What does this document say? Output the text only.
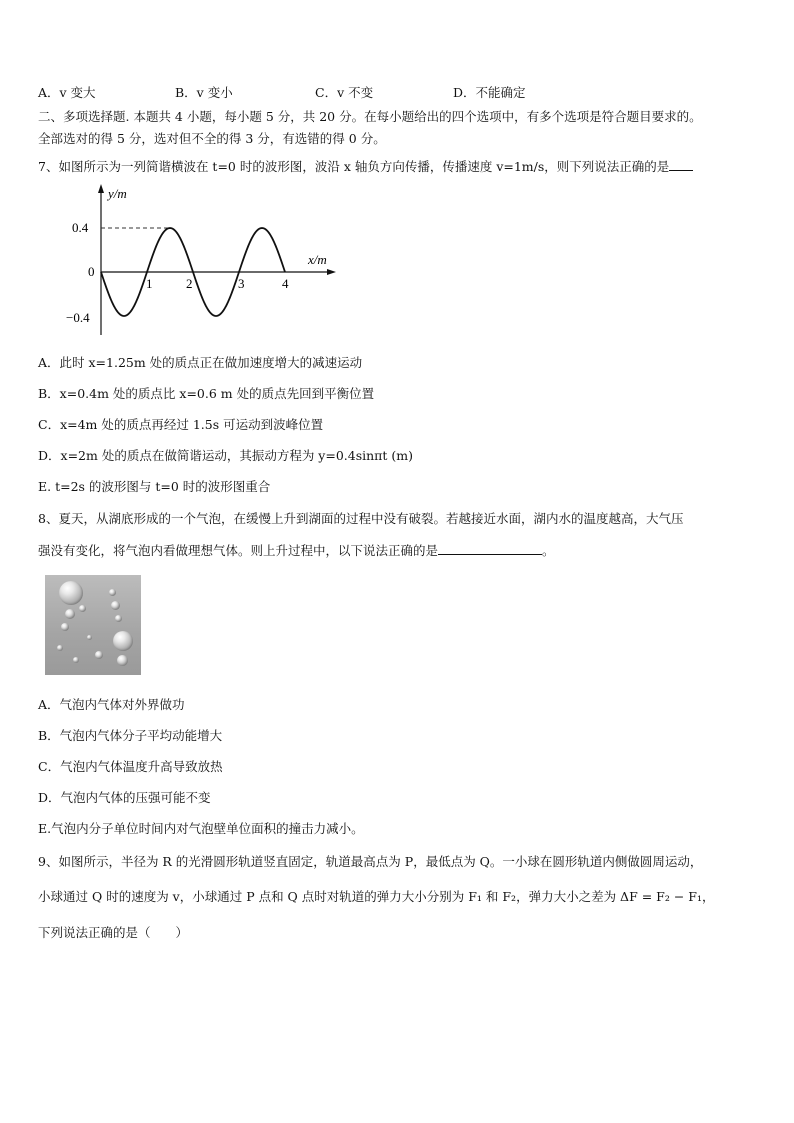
A．v 变大	B．v 变小	C．v 不变	D．不能确定
二、多项选择题. 本题共 4 小题，每小题 5 分，共 20 分。在每小题给出的四个选项中，有多个选项是符合题目要求的。
全部选对的得 5 分，选对但不全的得 3 分，有选错的得 0 分。
7、如图所示为一列简谐横波在 t=0 时的波形图，波沿 x 轴负方向传播，传播速度 v=1m/s，则下列说法正确的是
y/m
x/m
0.4
0
−0.4
1	2	3	4
A．此时 x=1.25m 处的质点正在做加速度增大的减速运动
B．x=0.4m 处的质点比 x=0.6 m 处的质点先回到平衡位置
C．x=4m 处的质点再经过 1.5s 可运动到波峰位置
D．x=2m 处的质点在做简谐运动，其振动方程为 y=0.4sinπt (m)
E. t=2s 的波形图与 t=0 时的波形图重合
8、夏天，从湖底形成的一个气泡，在缓慢上升到湖面的过程中没有破裂。若越接近水面，湖内水的温度越高，大气压
强没有变化，将气泡内看做理想气体。则上升过程中，以下说法正确的是	。
A．气泡内气体对外界做功
B．气泡内气体分子平均动能增大
C．气泡内气体温度升高导致放热
D．气泡内气体的压强可能不变
E.气泡内分子单位时间内对气泡壁单位面积的撞击力减小。
9、如图所示，半径为 R 的光滑圆形轨道竖直固定，轨道最高点为 P，最低点为 Q。一小球在圆形轨道内侧做圆周运动，
小球通过 Q 时的速度为 v，小球通过 P 点和 Q 点时对轨道的弹力大小分别为 F₁ 和 F₂，弹力大小之差为 ΔF = F₂ − F₁，
下列说法正确的是（　　）
